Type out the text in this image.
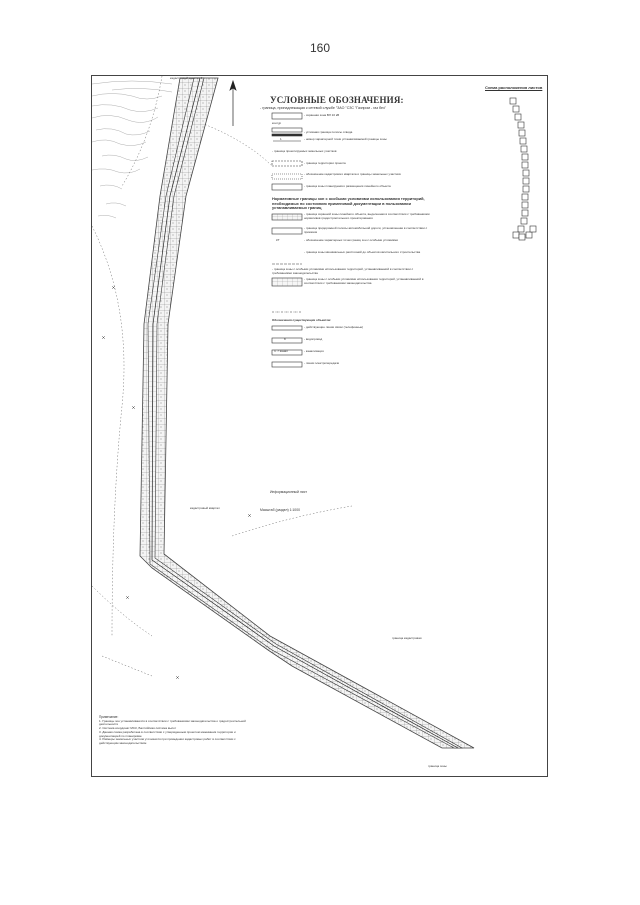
160
УСЛОВНЫЕ ОБОЗНАЧЕНИЯ:
- граница, принадлежащая к сетевой службе "ЗАО "СЗС "Газпром - газ без"
Схема расположения листов
- охранная зона ВЛ 10 кВ
контур
- условная граница полосы отвода
1	- номер характерной точки устанавливаемой границы зоны
- граница проектируемых земельных участков
- граница территории проекта
- обозначение кадастрового квартала и границы земельных участков
- граница зоны планируемого размещения линейного объекта
Нормативные границы зон с особыми условиями использования территорий, необходимых по состоянию применимой документации в пользовании устанавливаемых границ
- граница охранной зоны линейного объекта, выделенная в соответствии с требованиями нормативов градостроительного проектирования
- граница придорожной полосы автомобильной дороги, установленная в соответствии с приказом
КТ	- обозначение характерных точек границ зон с особыми условиями
- граница зоны минимальных расстояний до объектов капитального строительства
- граница зоны с особыми условиями использования территорий, устанавливаемой в соответствии с требованиями законодательства
- граница зоны с особыми условиями использования территорий, устанавливаемой в соответствии с требованиями законодательства
Обозначения существующих объектов:
- действующие линии связи (телефонные)
8	- водопровод
п. 7 канал	- канализация
- линии электропередачи
Информационный лист
Масштаб (раздел) 1:1000
кадастровый квартал 1
кадастровый квартал
граница зоны
граница кадастровая
Примечание:
1. Границы зон устанавливаются в соответствии с требованиями законодательства о градостроительной деятельности
2. Система координат МСК, Балтийская система высот
3. Данная схема разработана в соответствии с утвержденным проектом межевания территории и документацией по планировке
4. Размеры земельных участков уточняются при проведении кадастровых работ в соответствии с действующим законодательством
